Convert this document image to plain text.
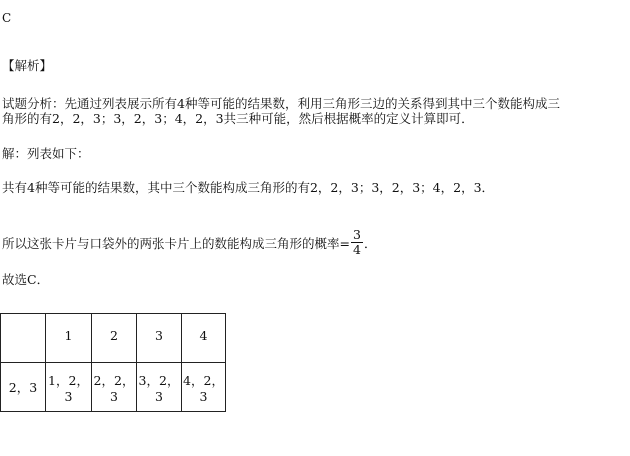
C
【解析】
试题分析：先通过列表展示所有4种等可能的结果数，利用三角形三边的关系得到其中三个数能构成三
角形的有2，2，3；3，2，3；4，2，3共三种可能，然后根据概率的定义计算即可．
解：列表如下：
共有4种等可能的结果数，其中三个数能构成三角形的有2，2，3；3，2，3；4，2，3．
所以这张卡片与口袋外的两张卡片上的数能构成三角形的概率= $\frac{3}{4}$ ．
故选C．
	1	2	3	4
2，3	1，2，3	2，2，3	3，2，3	4，2，3
